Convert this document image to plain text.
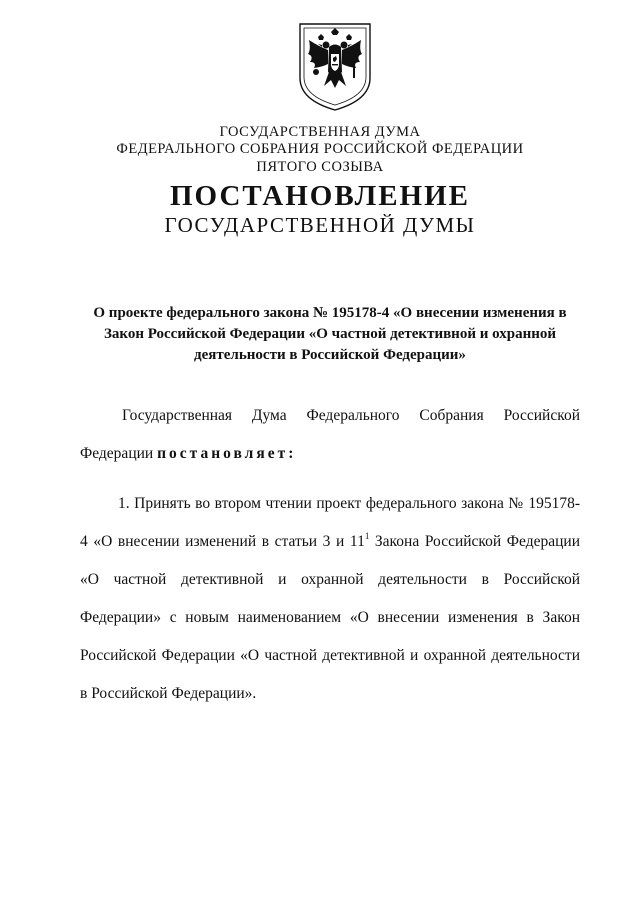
ГОСУДАРСТВЕННАЯ ДУМА
ФЕДЕРАЛЬНОГО СОБРАНИЯ РОССИЙСКОЙ ФЕДЕРАЦИИ
ПЯТОГО СОЗЫВА
ПОСТАНОВЛЕНИЕ
ГОСУДАРСТВЕННОЙ ДУМЫ
О проекте федерального закона № 195178-4 «О внесении изменения в Закон Российской Федерации «О частной детективной и охранной деятельности в Российской Федерации»
Государственная Дума Федерального Собрания Российской Федерации постановляет:
1. Принять во втором чтении проект федерального закона № 195178-4 «О внесении изменений в статьи 3 и $11^1$ Закона Российской Федерации «О частной детективной и охранной деятельности в Российской Федерации» с новым наименованием «О внесении изменения в Закон Российской Федерации «О частной детективной и охранной деятельности в Российской Федерации».
